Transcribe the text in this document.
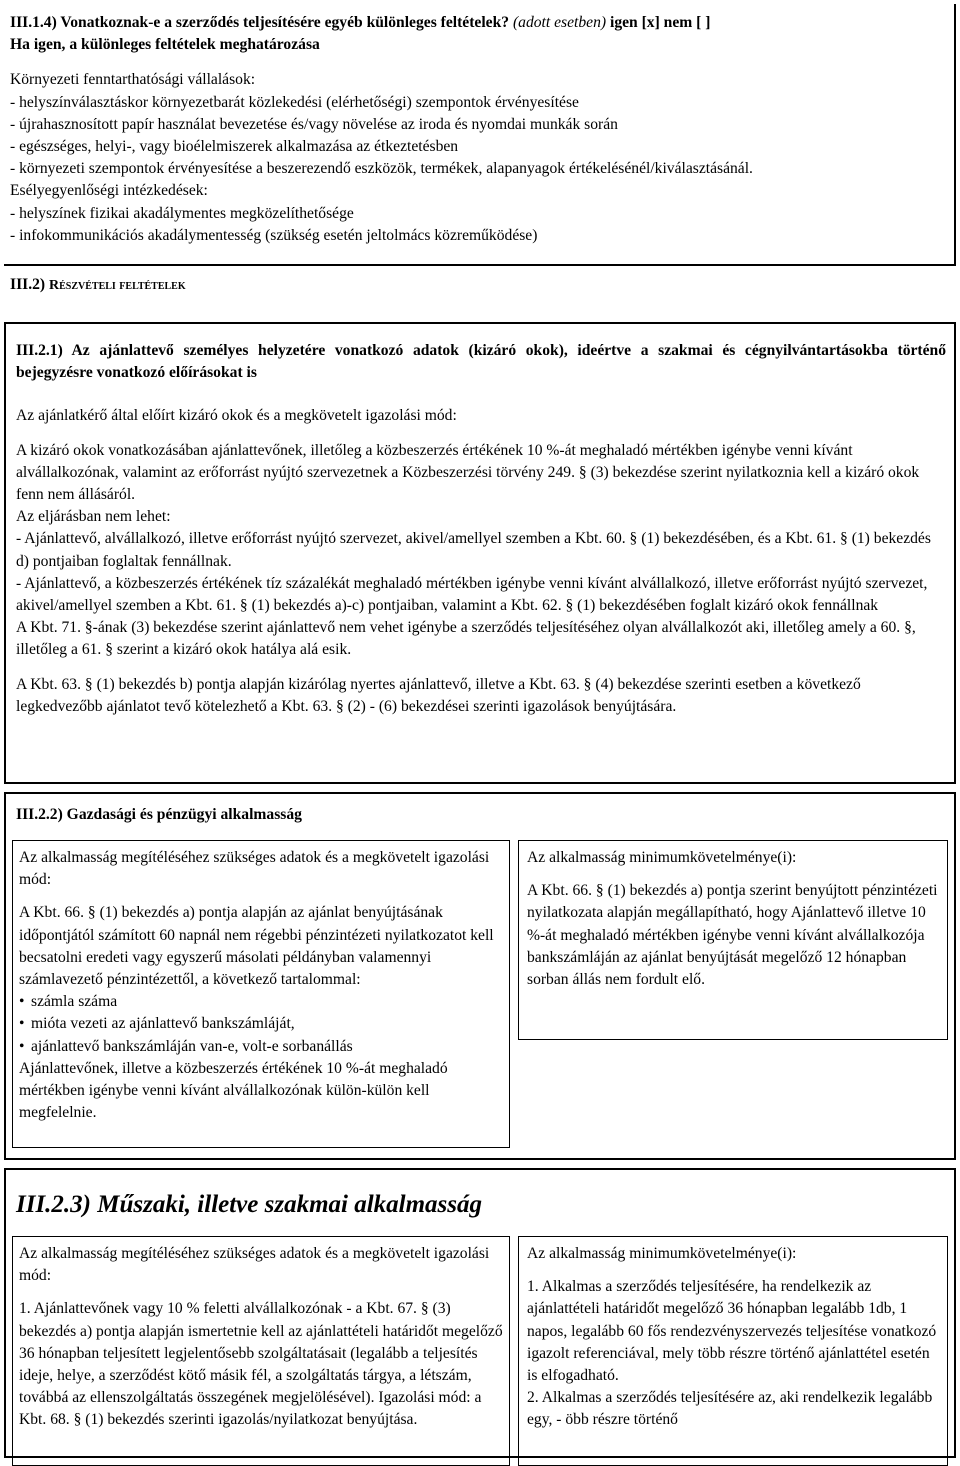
III.1.4) Vonatkoznak-e a szerződés teljesítésére egyéb különleges feltételek? (adott esetben) igen [x] nem [ ]

Ha igen, a különleges feltételek meghatározása

Környezeti fenntarthatósági vállalások:

- helyszínválasztáskor környezetbarát közlekedési (elérhetőségi) szempontok érvényesítése

- újrahasznosított papír használat bevezetése és/vagy növelése az iroda és nyomdai munkák során

- egészséges, helyi-, vagy bioélelmiszerek alkalmazása az étkeztetésben

- környezeti szempontok érvényesítése a beszerezendő eszközök, termékek, alapanyagok értékelésénél/kiválasztásánál.

Esélyegyenlőségi intézkedések:

- helyszínek fizikai akadálymentes megközelíthetősége

- infokommunikációs akadálymentesség (szükség esetén jeltolmács közreműködése)

III.2) Részvételi feltételek

III.2.1) Az ajánlattevő személyes helyzetére vonatkozó adatok (kizáró okok), ideértve a szakmai és cégnyilvántartásokba történő bejegyzésre vonatkozó előírásokat is

Az ajánlatkérő által előírt kizáró okok és a megkövetelt igazolási mód:

A kizáró okok vonatkozásában ajánlattevőnek, illetőleg a közbeszerzés értékének 10 %-át meghaladó mértékben igénybe venni kívánt alvállalkozónak, valamint az erőforrást nyújtó szervezetnek a Közbeszerzési törvény 249. § (3) bekezdése szerint nyilatkoznia kell a kizáró okok fenn nem állásáról.

Az eljárásban nem lehet:

- Ajánlattevő, alvállalkozó, illetve erőforrást nyújtó szervezet, akivel/amellyel szemben a Kbt. 60. § (1) bekezdésében, és a Kbt. 61. § (1) bekezdés d) pontjaiban foglaltak fennállnak.

- Ajánlattevő, a közbeszerzés értékének tíz százalékát meghaladó mértékben igénybe venni kívánt alvállalkozó, illetve erőforrást nyújtó szervezet, akivel/amellyel szemben a Kbt. 61. § (1) bekezdés a)-c) pontjaiban, valamint a Kbt. 62. § (1) bekezdésében foglalt kizáró okok fennállnak

A Kbt. 71. §-ának (3) bekezdése szerint ajánlattevő nem vehet igénybe a szerződés teljesítéséhez olyan alvállalkozót aki, illetőleg amely a 60. §, illetőleg a 61. § szerint a kizáró okok hatálya alá esik.

A Kbt. 63. § (1) bekezdés b) pontja alapján kizárólag nyertes ajánlattevő, illetve a Kbt. 63. § (4) bekezdése szerinti esetben a következő legkedvezőbb ajánlatot tevő kötelezhető a Kbt. 63. § (2) - (6) bekezdései szerinti igazolások benyújtására.

III.2.2) Gazdasági és pénzügyi alkalmasság

Az alkalmasság megítéléséhez szükséges adatok és a megkövetelt igazolási mód:

A Kbt. 66. § (1) bekezdés a) pontja alapján az ajánlat benyújtásának időpontjától számított 60 napnál nem régebbi pénzintézeti nyilatkozatot kell becsatolni eredeti vagy egyszerű másolati példányban valamennyi számlavezető pénzintézettől, a következő tartalommal:

• számla száma

• mióta vezeti az ajánlattevő bankszámláját,

• ajánlattevő bankszámláján van-e, volt-e sorbanállás

Ajánlattevőnek, illetve a közbeszerzés értékének 10 %-át meghaladó mértékben igénybe venni kívánt alvállalkozónak külön-külön kell megfelelnie.

Az alkalmasság minimumkövetelménye(i):

A Kbt. 66. § (1) bekezdés a) pontja szerint benyújtott pénzintézeti nyilatkozata alapján megállapítható, hogy Ajánlattevő illetve 10 %-át meghaladó mértékben igénybe venni kívánt alvállalkozója bankszámláján az ajánlat benyújtását megelőző 12 hónapban sorban állás nem fordult elő.

III.2.3) Műszaki, illetve szakmai alkalmasság

Az alkalmasság megítéléséhez szükséges adatok és a megkövetelt igazolási mód:

1. Ajánlattevőnek vagy 10 % feletti alvállalkozónak - a Kbt. 67. § (3) bekezdés a) pontja alapján ismertetnie kell az ajánlattételi határidőt megelőző 36 hónapban teljesített legjelentősebb szolgáltatásait (legalább a teljesítés ideje, helye, a szerződést kötő másik fél, a szolgáltatás tárgya, a létszám, továbbá az ellenszolgáltatás összegének megjelölésével). Igazolási mód: a Kbt. 68. § (1) bekezdés szerinti igazolás/nyilatkozat benyújtása.

Az alkalmasság minimumkövetelménye(i):

1. Alkalmas a szerződés teljesítésére, ha rendelkezik az ajánlattételi határidőt megelőző 36 hónapban legalább 1db, 1 napos, legalább 60 fős rendezvényszervezés teljesítése vonatkozó igazolt referenciával, mely több részre történő ajánlattétel esetén is elfogadható.

2. Alkalmas a szerződés teljesítésére az, aki rendelkezik legalább egy, - öbb részre történő
